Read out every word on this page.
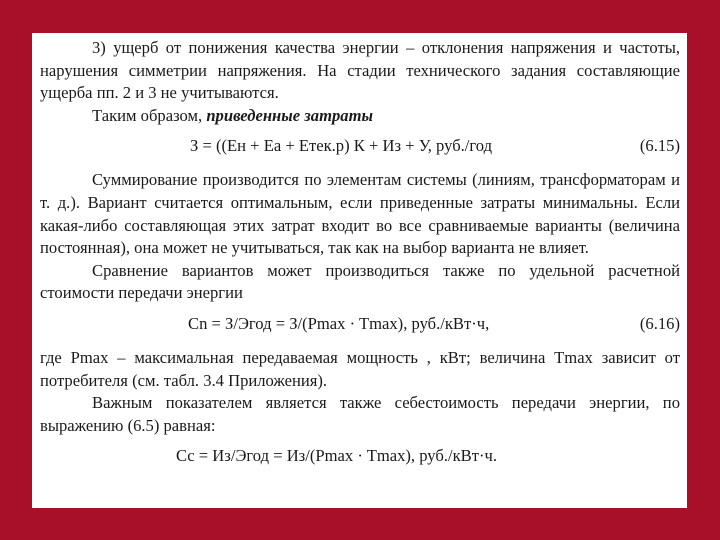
3) ущерб от понижения качества энергии – отклонения напряжения и частоты, нарушения симметрии напряжения. На стадии технического задания составляющие ущерба пп. 2 и 3 не учитываются.

Таким образом, приведенные затраты

З = ((Ен + Еа + Етек.р) К + Из + У, руб./год	(6.15)

Суммирование производится по элементам системы (линиям, трансформаторам и т. д.). Вариант считается оптимальным, если приведенные затраты минимальны. Если какая-либо составляющая этих затрат входит во все сравниваемые варианты (величина постоянная), она может не учитываться, так как на выбор варианта не влияет.

Сравнение вариантов может производиться также по удельной расчетной стоимости передачи энергии

Сn = З/Эгод = З/(Pmax · Tmax), руб./кВт·ч,	(6.16)

где Pmax – максимальная передаваемая мощность , кВт; величина Tmax зависит от потребителя (см. табл. 3.4 Приложения).

Важным показателем является также себестоимость передачи энергии, по выражению (6.5) равная:

Сс = Из/Эгод = Из/(Pmax · Tmax), руб./кВт·ч.
